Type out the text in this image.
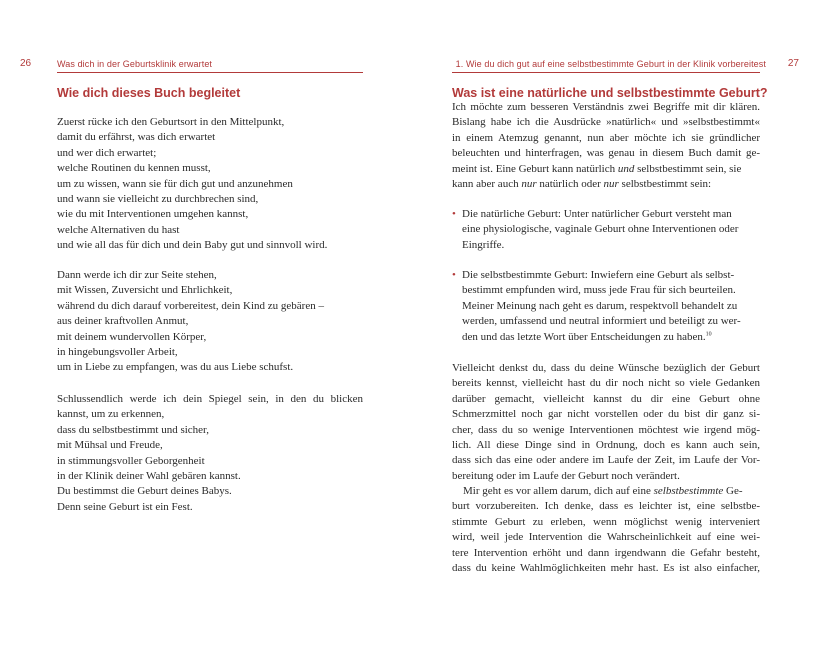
26	Was dich in der Geburtsklinik erwartet
Wie dich dieses Buch begleitet
Zuerst rücke ich den Geburtsort in den Mittelpunkt,
damit du erfährst, was dich erwartet
und wer dich erwartet;
welche Routinen du kennen musst,
um zu wissen, wann sie für dich gut und anzunehmen
und wann sie vielleicht zu durchbrechen sind,
wie du mit Interventionen umgehen kannst,
welche Alternativen du hast
und wie all das für dich und dein Baby gut und sinnvoll wird.
Dann werde ich dir zur Seite stehen,
mit Wissen, Zuversicht und Ehrlichkeit,
während du dich darauf vorbereitest, dein Kind zu gebären –
aus deiner kraftvollen Anmut,
mit deinem wundervollen Körper,
in hingebungsvoller Arbeit,
um in Liebe zu empfangen, was du aus Liebe schufst.
Schlussendlich werde ich dein Spiegel sein, in den du blicken
kannst, um zu erkennen,
dass du selbstbestimmt und sicher,
mit Mühsal und Freude,
in stimmungsvoller Geborgenheit
in der Klinik deiner Wahl gebären kannst.
Du bestimmst die Geburt deines Babys.
Denn seine Geburt ist ein Fest.
1. Wie du dich gut auf eine selbstbestimmte Geburt in der Klinik vorbereitest 27
Was ist eine natürliche und selbstbestimmte Geburt?
Ich möchte zum besseren Verständnis zwei Begriffe mit dir klären.
Bislang habe ich die Ausdrücke »natürlich« und »selbstbestimmt«
in einem Atemzug genannt, nun aber möchte ich sie gründlicher
beleuchten und hinterfragen, was genau in diesem Buch damit ge-
meint ist. Eine Geburt kann natürlich und selbstbestimmt sein, sie
kann aber auch nur natürlich oder nur selbstbestimmt sein:
• Die natürliche Geburt: Unter natürlicher Geburt versteht man
eine physiologische, vaginale Geburt ohne Interventionen oder
Eingriffe.
• Die selbstbestimmte Geburt: Inwiefern eine Geburt als selbst-
bestimmt empfunden wird, muss jede Frau für sich beurteilen.
Meiner Meinung nach geht es darum, respektvoll behandelt zu
werden, umfassend und neutral informiert und beteiligt zu wer-
den und das letzte Wort über Entscheidungen zu haben.$^{10}$
Vielleicht denkst du, dass du deine Wünsche bezüglich der Geburt
bereits kennst, vielleicht hast du dir noch nicht so viele Gedanken
darüber gemacht, vielleicht kannst du dir eine Geburt ohne
Schmerzmittel noch gar nicht vorstellen oder du bist dir ganz si-
cher, dass du so wenige Interventionen möchtest wie irgend mög-
lich. All diese Dinge sind in Ordnung, doch es kann auch sein,
dass sich das eine oder andere im Laufe der Zeit, im Laufe der Vor-
bereitung oder im Laufe der Geburt noch verändert.
Mir geht es vor allem darum, dich auf eine selbstbestimmte Ge-
burt vorzubereiten. Ich denke, dass es leichter ist, eine selbstbe-
stimmte Geburt zu erleben, wenn möglichst wenig interveniert
wird, weil jede Intervention die Wahrscheinlichkeit auf eine wei-
tere Intervention erhöht und dann irgendwann die Gefahr besteht,
dass du keine Wahlmöglichkeiten mehr hast. Es ist also einfacher,
